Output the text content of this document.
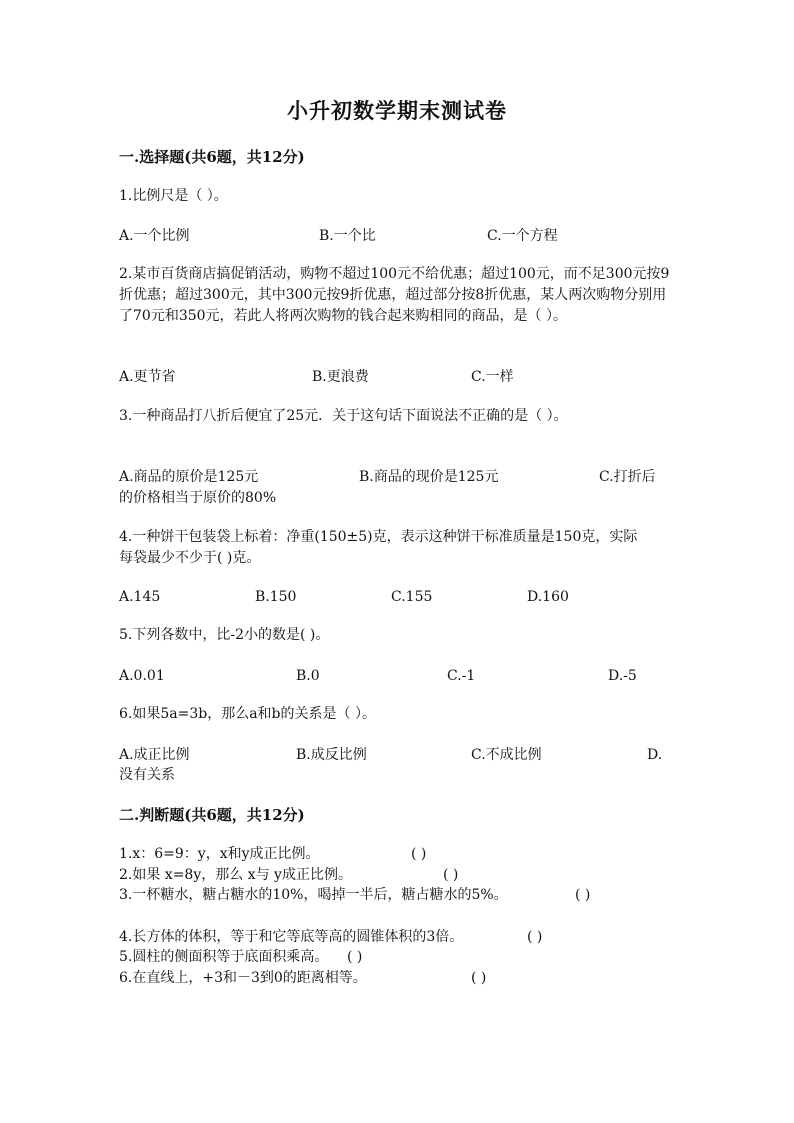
小升初数学期末测试卷
一.选择题(共6题，共12分)
1.比例尺是（ ）。
A.一个比例	B.一个比	C.一个方程
2.某市百货商店搞促销活动，购物不超过100元不给优惠；超过100元，而不足300元按9折优惠；超过300元，其中300元按9折优惠，超过部分按8折优惠，某人两次购物分别用了70元和350元，若此人将两次购物的钱合起来购相同的商品，是（ ）。
A.更节省	B.更浪费	C.一样
3.一种商品打八折后便宜了25元．关于这句话下面说法不正确的是（ ）。
A.商品的原价是125元	B.商品的现价是125元	C.打折后
的价格相当于原价的80%
4.一种饼干包装袋上标着：净重(150±5)克，表示这种饼干标准质量是150克，实际每袋最少不少于( )克。
A.145	B.150	C.155	D.160
5.下列各数中，比-2小的数是( )。
A.0.01	B.0	C.-1	D.-5
6.如果5a=3b，那么a和b的关系是（ ）。
A.成正比例	B.成反比例	C.不成比例	D.
没有关系
二.判断题(共6题，共12分)
1.x：6=9：y，x和y成正比例。	( )
2.如果 x=8y，那么 x与 y成正比例。	( )
3.一杯糖水，糖占糖水的10%，喝掉一半后，糖占糖水的5%。	( )
4.长方体的体积，等于和它等底等高的圆锥体积的3倍。	( )
5.圆柱的侧面积等于底面积乘高。 ( )
6.在直线上，+3和－3到0的距离相等。	( )
